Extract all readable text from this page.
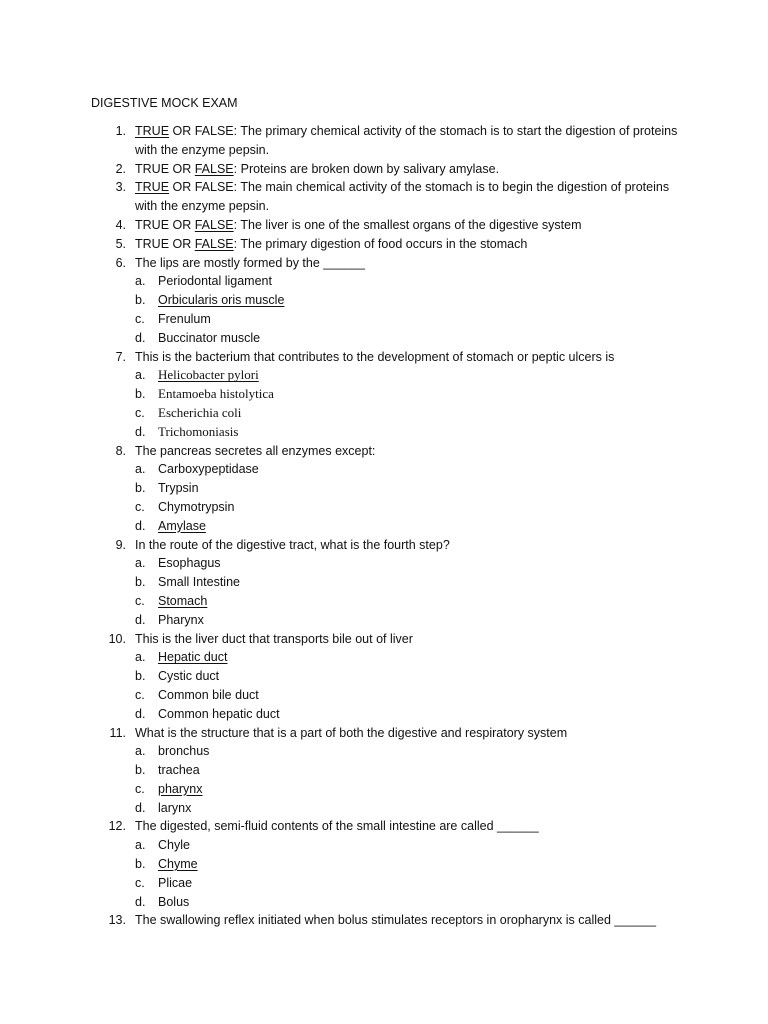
DIGESTIVE MOCK EXAM
1. TRUE OR FALSE: The primary chemical activity of the stomach is to start the digestion of proteins
with the enzyme pepsin.
2. TRUE OR FALSE: Proteins are broken down by salivary amylase.
3. TRUE OR FALSE: The main chemical activity of the stomach is to begin the digestion of proteins
with the enzyme pepsin.
4. TRUE OR FALSE: The liver is one of the smallest organs of the digestive system
5. TRUE OR FALSE: The primary digestion of food occurs in the stomach
6. The lips are mostly formed by the ______
a. Periodontal ligament
b. Orbicularis oris muscle
c. Frenulum
d. Buccinator muscle
7. This is the bacterium that contributes to the development of stomach or peptic ulcers is
a. Helicobacter pylori
b. Entamoeba histolytica
c. Escherichia coli
d. Trichomoniasis
8. The pancreas secretes all enzymes except:
a. Carboxypeptidase
b. Trypsin
c. Chymotrypsin
d. Amylase
9. In the route of the digestive tract, what is the fourth step?
a. Esophagus
b. Small Intestine
c. Stomach
d. Pharynx
10. This is the liver duct that transports bile out of liver
a. Hepatic duct
b. Cystic duct
c. Common bile duct
d. Common hepatic duct
11. What is the structure that is a part of both the digestive and respiratory system
a. bronchus
b. trachea
c. pharynx
d. larynx
12. The digested, semi-fluid contents of the small intestine are called ______
a. Chyle
b. Chyme
c. Plicae
d. Bolus
13. The swallowing reflex initiated when bolus stimulates receptors in oropharynx is called ______
